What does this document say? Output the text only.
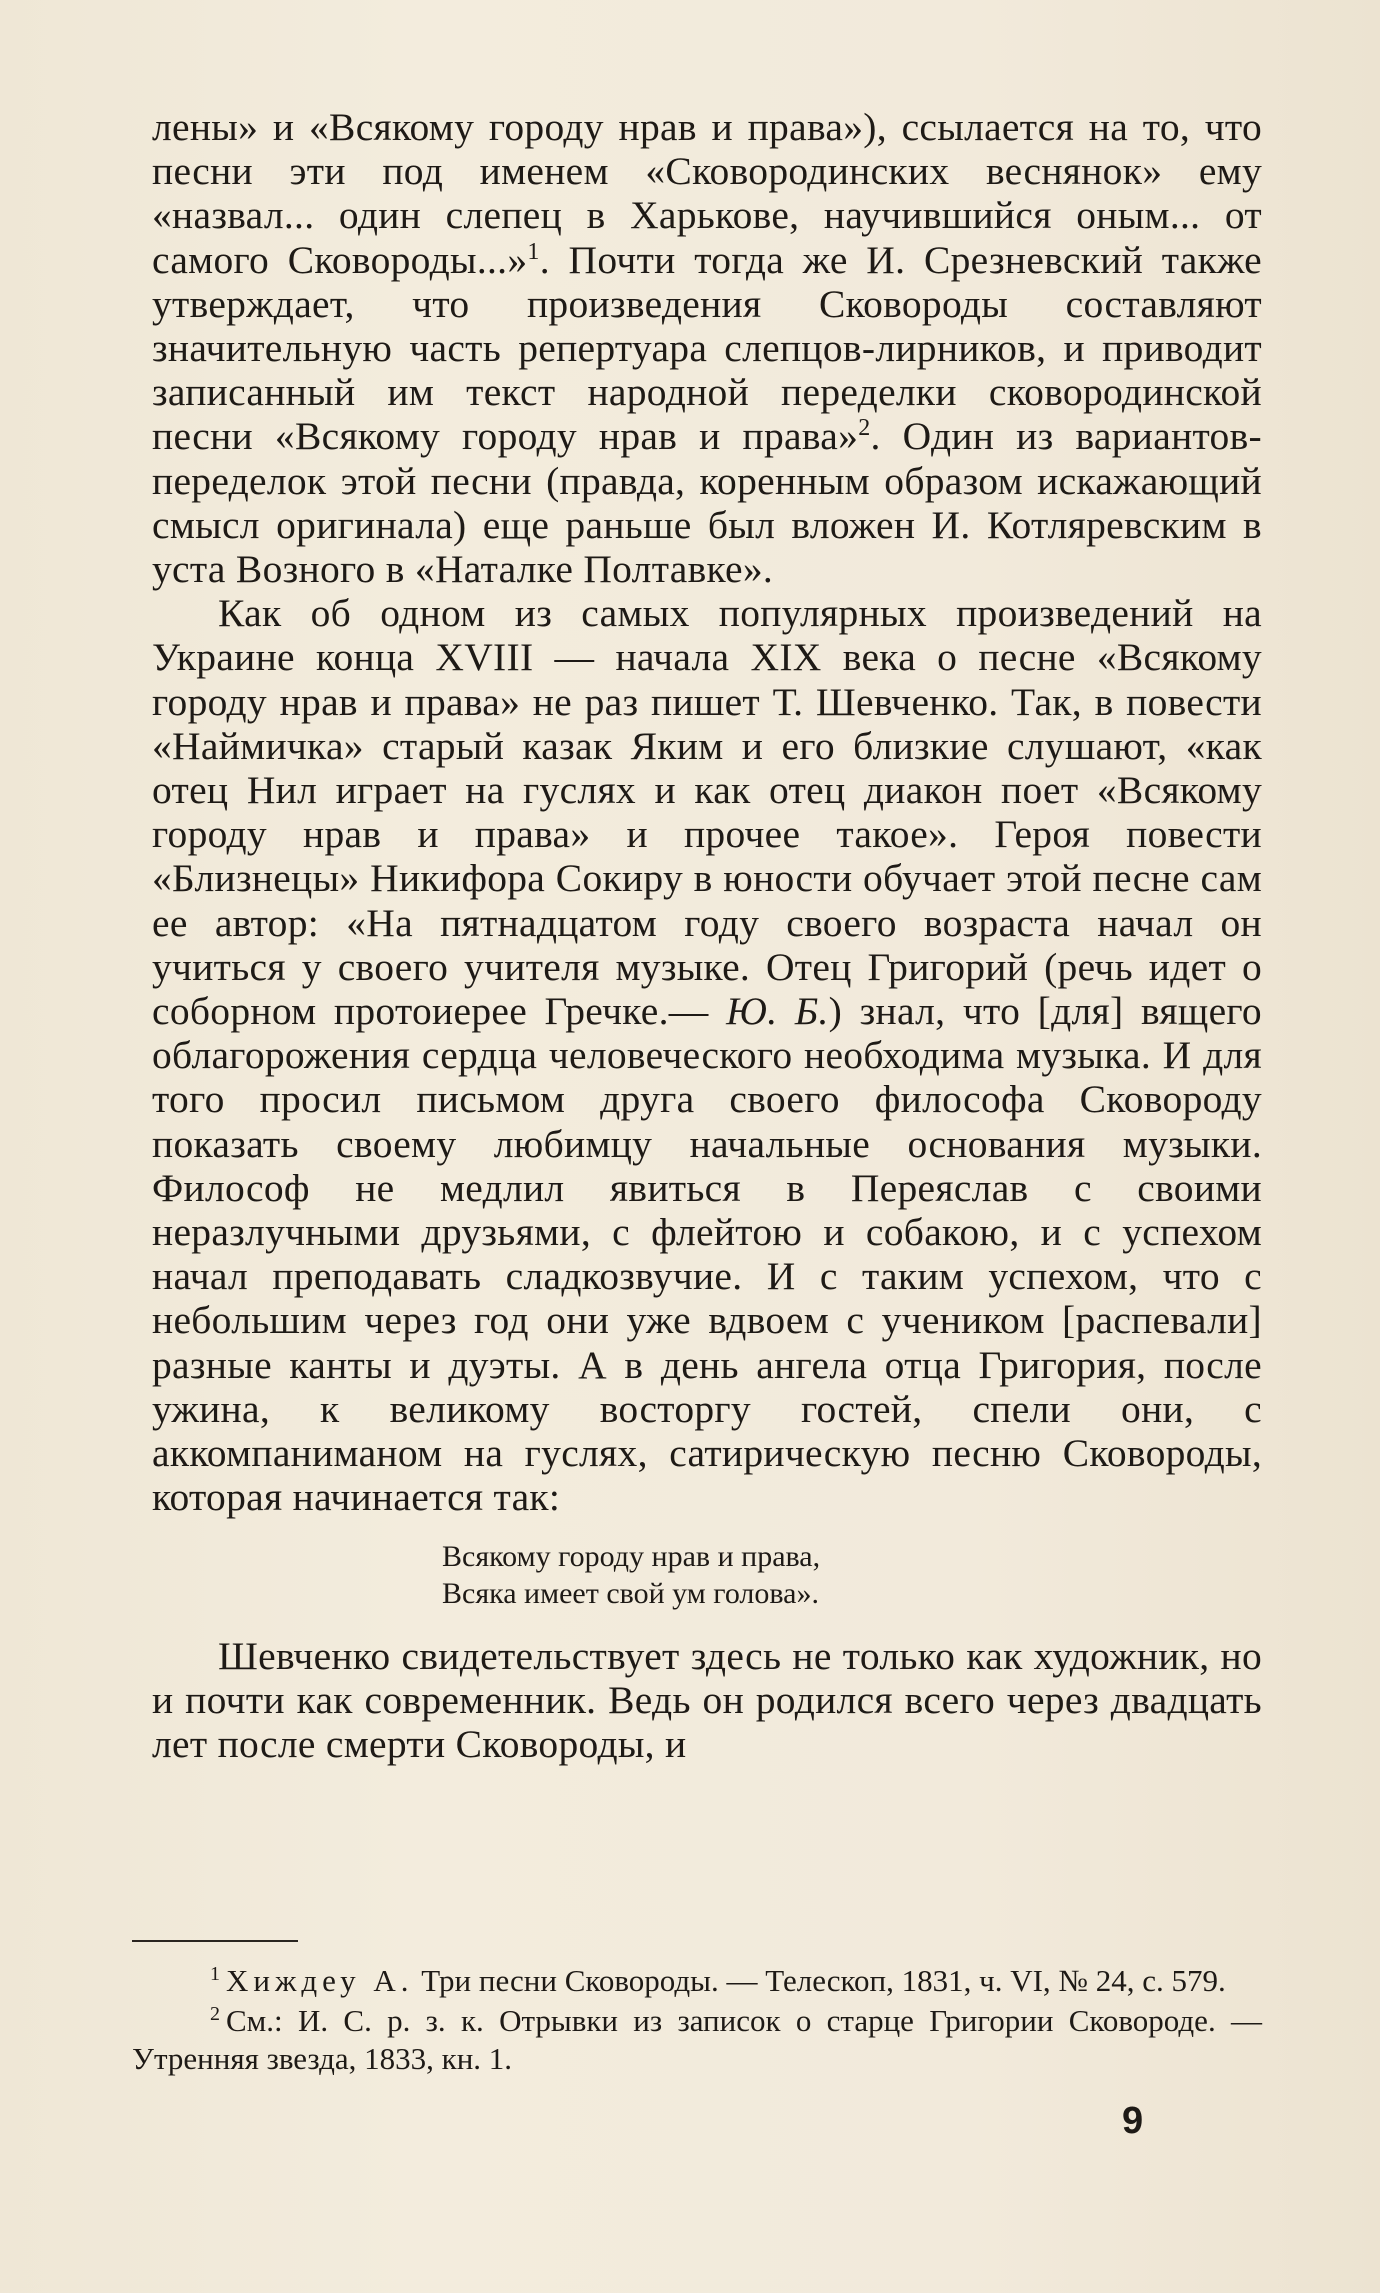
лены» и «Всякому городу нрав и права»), ссылается на то, что песни эти под именем «Сковородинских веснянок» ему «назвал... один слепец в Харькове, научившийся оным... от самого Сковороды...»$^1$. Почти тогда же И. Срезневский также утверждает, что произведения Сковороды составляют значительную часть репертуара слепцов-лирников, и приводит записанный им текст народной переделки сковородинской песни «Всякому городу нрав и права»$^2$. Один из вариантов-переделок этой песни (правда, коренным образом искажающий смысл оригинала) еще раньше был вложен И. Котляревским в уста Возного в «Наталке Полтавке».

Как об одном из самых популярных произведений на Украине конца XVIII — начала XIX века о песне «Всякому городу нрав и права» не раз пишет Т. Шевченко. Так, в повести «Наймичка» старый казак Яким и его близкие слушают, «как отец Нил играет на гуслях и как отец диакон поет «Всякому городу нрав и права» и прочее такое». Героя повести «Близнецы» Никифора Сокиру в юности обучает этой песне сам ее автор: «На пятнадцатом году своего возраста начал он учиться у своего учителя музыке. Отец Григорий (речь идет о соборном протоиерее Гречке.— Ю. Б.) знал, что [для] вящего облагорожения сердца человеческого необходима музыка. И для того просил письмом друга своего философа Сковороду показать своему любимцу начальные основания музыки. Философ не медлил явиться в Переяслав с своими неразлучными друзьями, с флейтою и собакою, и с успехом начал преподавать сладкозвучие. И с таким успехом, что с небольшим через год они уже вдвоем с учеником [распевали] разные канты и дуэты. А в день ангела отца Григория, после ужина, к великому восторгу гостей, спели они, с аккомпаниманом на гуслях, сатирическую песню Сковороды, которая начинается так:

Всякому городу нрав и права,
Всяка имеет свой ум голова».

Шевченко свидетельствует здесь не только как художник, но и почти как современник. Ведь он родился всего через двадцать лет после смерти Сковороды, и

$^1$ Хиждеу А. Три песни Сковороды. — Телескоп, 1831, ч. VI, № 24, с. 579.

$^2$ См.: И. С. р. з. к. Отрывки из записок о старце Григории Сковороде. — Утренняя звезда, 1833, кн. 1.

9
